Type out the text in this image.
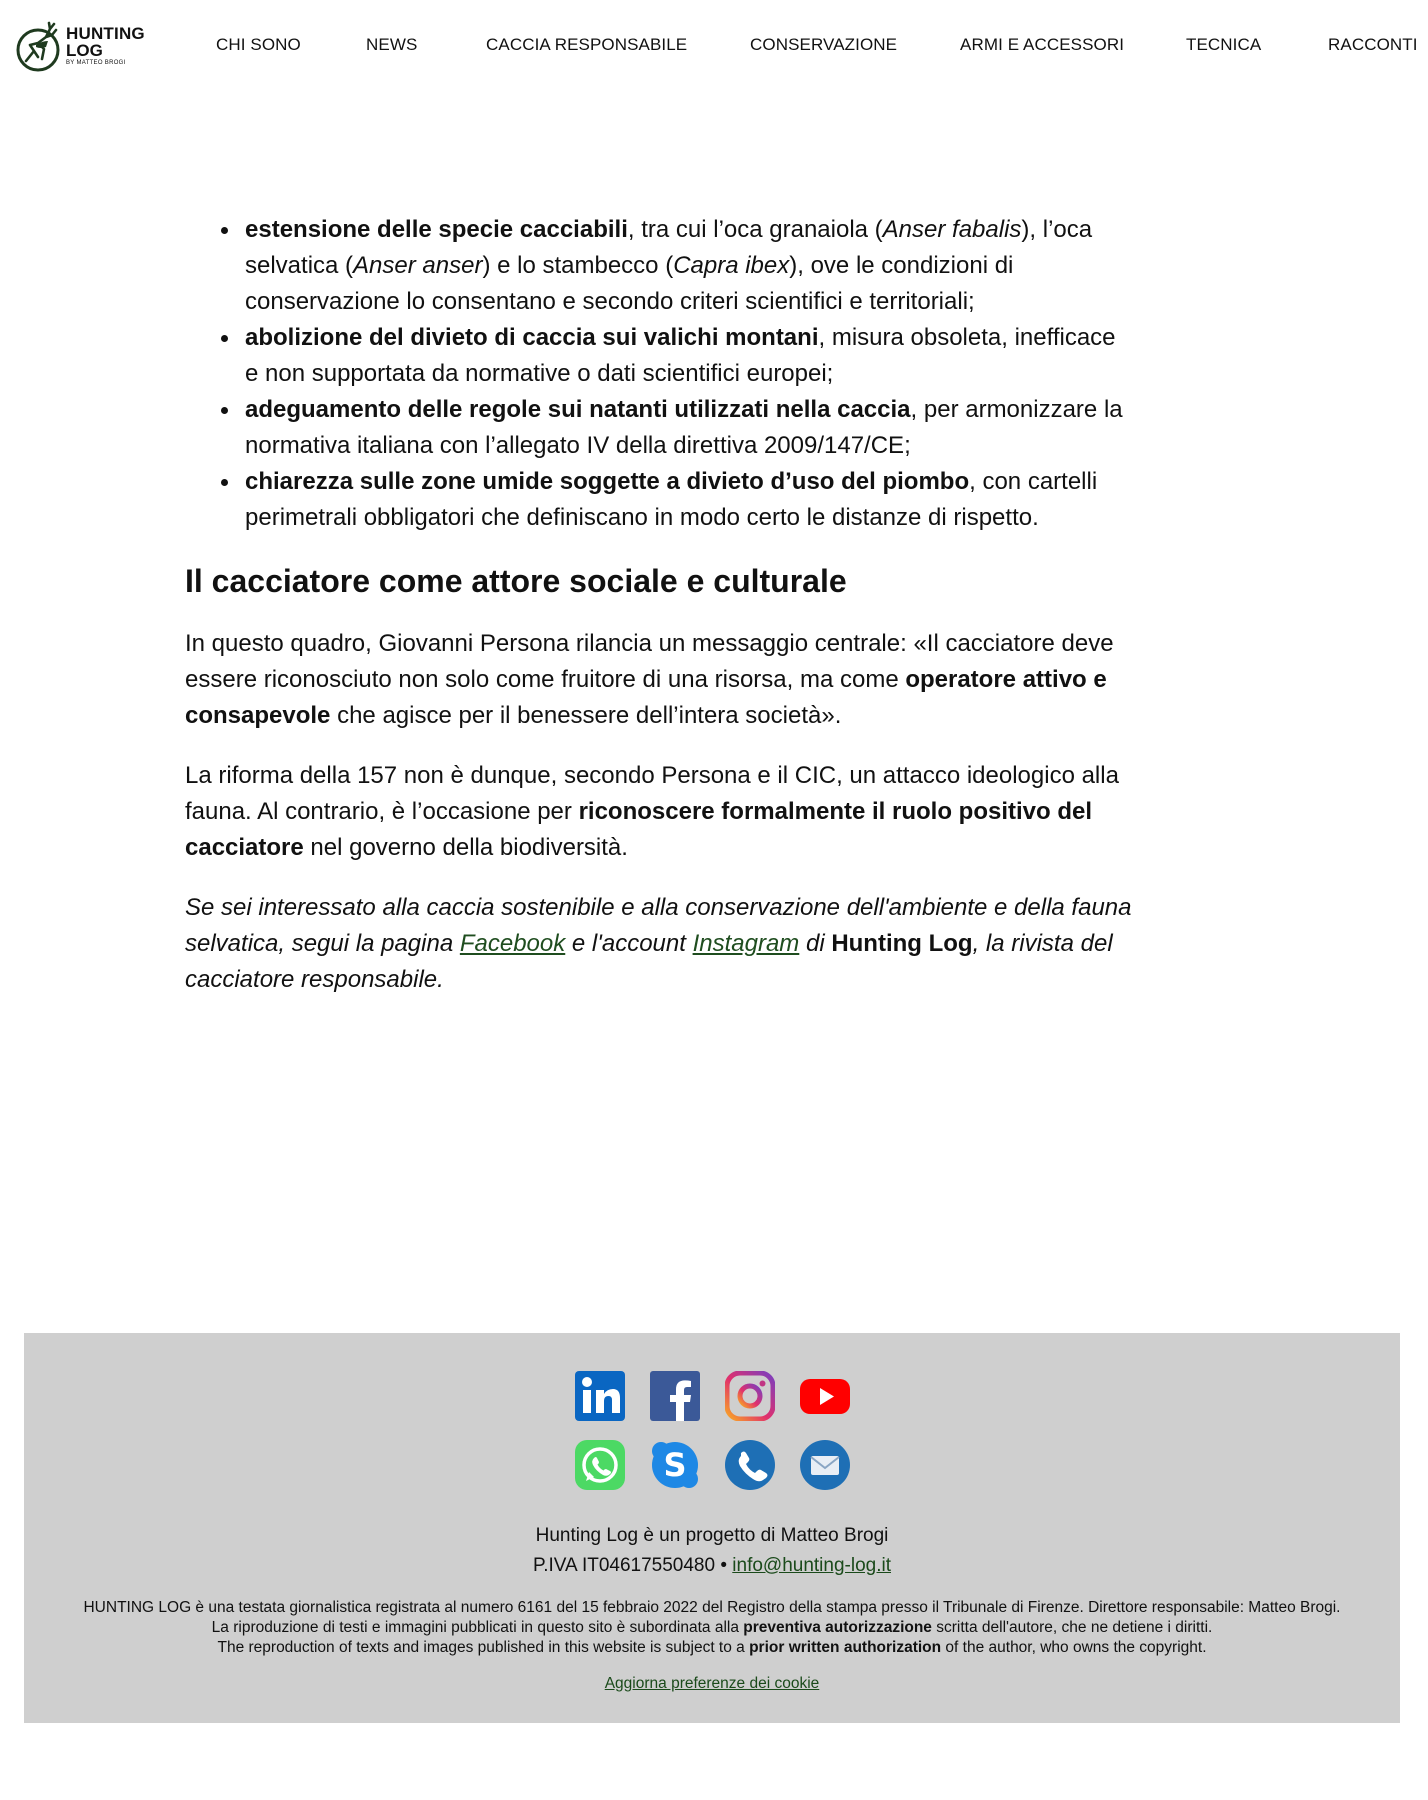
HUNTING
LOG
BY MATTEO BROGI
CHI SONO	NEWS	CACCIA RESPONSABILE	CONSERVAZIONE	ARMI E ACCESSORI	TECNICA	RACCONTI
estensione delle specie cacciabili, tra cui l’oca granaiola (Anser fabalis), l’oca selvatica (Anser anser) e lo stambecco (Capra ibex), ove le condizioni di conservazione lo consentano e secondo criteri scientifici e territoriali;
abolizione del divieto di caccia sui valichi montani, misura obsoleta, inefficace e non supportata da normative o dati scientifici europei;
adeguamento delle regole sui natanti utilizzati nella caccia, per armonizzare la normativa italiana con l’allegato IV della direttiva 2009/147/CE;
chiarezza sulle zone umide soggette a divieto d’uso del piombo, con cartelli perimetrali obbligatori che definiscano in modo certo le distanze di rispetto.
Il cacciatore come attore sociale e culturale

In questo quadro, Giovanni Persona rilancia un messaggio centrale: «Il cacciatore deve essere riconosciuto non solo come fruitore di una risorsa, ma come operatore attivo e consapevole che agisce per il benessere dell’intera società».

La riforma della 157 non è dunque, secondo Persona e il CIC, un attacco ideologico alla fauna. Al contrario, è l’occasione per riconoscere formalmente il ruolo positivo del cacciatore nel governo della biodiversità.

Se sei interessato alla caccia sostenibile e alla conservazione dell'ambiente e della fauna selvatica, segui la pagina Facebook e l'account Instagram di Hunting Log, la rivista del cacciatore responsabile.

S
Hunting Log è un progetto di Matteo Brogi
P.IVA IT04617550480 • info@hunting-log.it
HUNTING LOG è una testata giornalistica registrata al numero 6161 del 15 febbraio 2022 del Registro della stampa presso il Tribunale di Firenze. Direttore responsabile: Matteo Brogi.
La riproduzione di testi e immagini pubblicati in questo sito è subordinata alla preventiva autorizzazione scritta dell'autore, che ne detiene i diritti.
The reproduction of texts and images published in this website is subject to a prior written authorization of the author, who owns the copyright.
Aggiorna preferenze dei cookie
